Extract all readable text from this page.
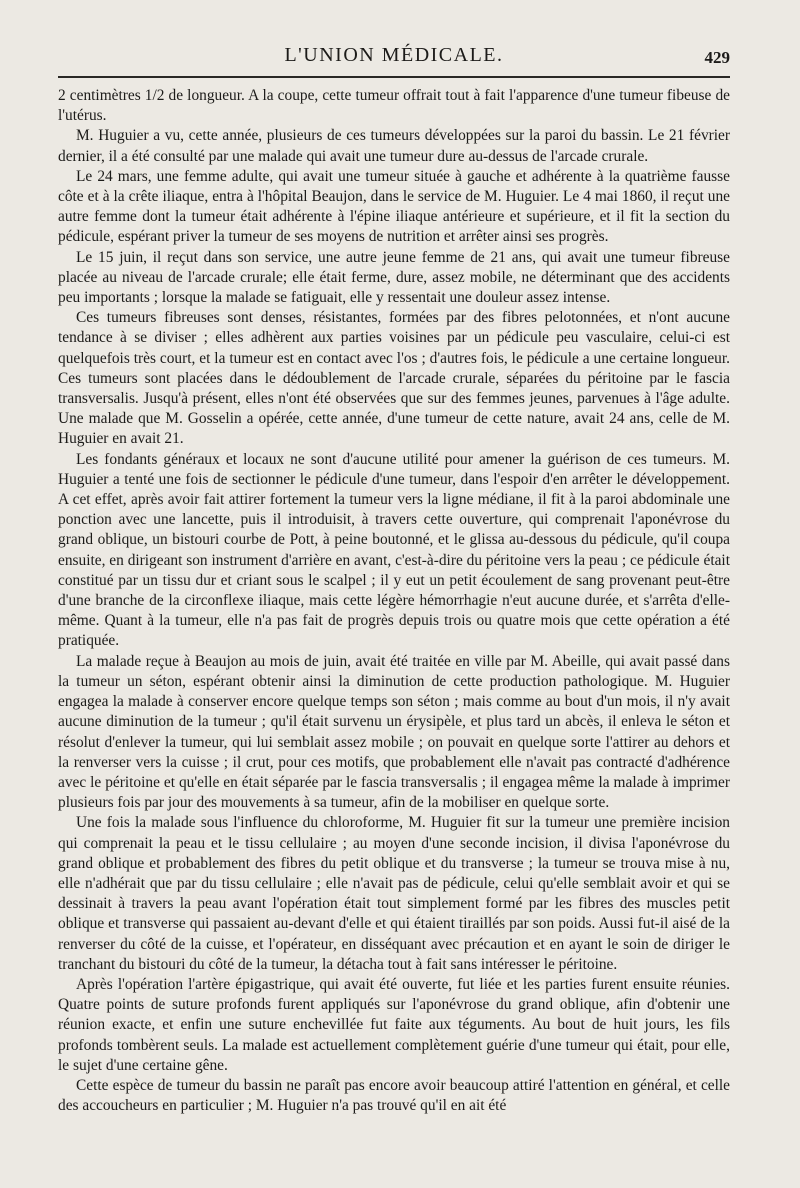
L'UNION MÉDICALE.	429

2 centimètres 1/2 de longueur. A la coupe, cette tumeur offrait tout à fait l'apparence d'une tumeur fibeuse de l'utérus.

M. Huguier a vu, cette année, plusieurs de ces tumeurs développées sur la paroi du bassin. Le 21 février dernier, il a été consulté par une malade qui avait une tumeur dure au-dessus de l'arcade crurale.

Le 24 mars, une femme adulte, qui avait une tumeur située à gauche et adhérente à la quatrième fausse côte et à la crête iliaque, entra à l'hôpital Beaujon, dans le service de M. Huguier. Le 4 mai 1860, il reçut une autre femme dont la tumeur était adhérente à l'épine iliaque antérieure et supérieure, et il fit la section du pédicule, espérant priver la tumeur de ses moyens de nutrition et arrêter ainsi ses progrès.

Le 15 juin, il reçut dans son service, une autre jeune femme de 21 ans, qui avait une tumeur fibreuse placée au niveau de l'arcade crurale; elle était ferme, dure, assez mobile, ne déterminant que des accidents peu importants ; lorsque la malade se fatiguait, elle y ressentait une douleur assez intense.

Ces tumeurs fibreuses sont denses, résistantes, formées par des fibres pelotonnées, et n'ont aucune tendance à se diviser ; elles adhèrent aux parties voisines par un pédicule peu vasculaire, celui-ci est quelquefois très court, et la tumeur est en contact avec l'os ; d'autres fois, le pédicule a une certaine longueur. Ces tumeurs sont placées dans le dédoublement de l'arcade crurale, séparées du péritoine par le fascia transversalis. Jusqu'à présent, elles n'ont été observées que sur des femmes jeunes, parvenues à l'âge adulte. Une malade que M. Gosselin a opérée, cette année, d'une tumeur de cette nature, avait 24 ans, celle de M. Huguier en avait 21.

Les fondants généraux et locaux ne sont d'aucune utilité pour amener la guérison de ces tumeurs. M. Huguier a tenté une fois de sectionner le pédicule d'une tumeur, dans l'espoir d'en arrêter le développement. A cet effet, après avoir fait attirer fortement la tumeur vers la ligne médiane, il fit à la paroi abdominale une ponction avec une lancette, puis il introduisit, à travers cette ouverture, qui comprenait l'aponévrose du grand oblique, un bistouri courbe de Pott, à peine boutonné, et le glissa au-dessous du pédicule, qu'il coupa ensuite, en dirigeant son instrument d'arrière en avant, c'est-à-dire du péritoine vers la peau ; ce pédicule était constitué par un tissu dur et criant sous le scalpel ; il y eut un petit écoulement de sang provenant peut-être d'une branche de la circonflexe iliaque, mais cette légère hémorrhagie n'eut aucune durée, et s'arrêta d'elle-même. Quant à la tumeur, elle n'a pas fait de progrès depuis trois ou quatre mois que cette opération a été pratiquée.

La malade reçue à Beaujon au mois de juin, avait été traitée en ville par M. Abeille, qui avait passé dans la tumeur un séton, espérant obtenir ainsi la diminution de cette production pathologique. M. Huguier engagea la malade à conserver encore quelque temps son séton ; mais comme au bout d'un mois, il n'y avait aucune diminution de la tumeur ; qu'il était survenu un érysipèle, et plus tard un abcès, il enleva le séton et résolut d'enlever la tumeur, qui lui semblait assez mobile ; on pouvait en quelque sorte l'attirer au dehors et la renverser vers la cuisse ; il crut, pour ces motifs, que probablement elle n'avait pas contracté d'adhérence avec le péritoine et qu'elle en était séparée par le fascia transversalis ; il engagea même la malade à imprimer plusieurs fois par jour des mouvements à sa tumeur, afin de la mobiliser en quelque sorte.

Une fois la malade sous l'influence du chloroforme, M. Huguier fit sur la tumeur une première incision qui comprenait la peau et le tissu cellulaire ; au moyen d'une seconde incision, il divisa l'aponévrose du grand oblique et probablement des fibres du petit oblique et du transverse ; la tumeur se trouva mise à nu, elle n'adhérait que par du tissu cellulaire ; elle n'avait pas de pédicule, celui qu'elle semblait avoir et qui se dessinait à travers la peau avant l'opération était tout simplement formé par les fibres des muscles petit oblique et transverse qui passaient au-devant d'elle et qui étaient tiraillés par son poids. Aussi fut-il aisé de la renverser du côté de la cuisse, et l'opérateur, en disséquant avec précaution et en ayant le soin de diriger le tranchant du bistouri du côté de la tumeur, la détacha tout à fait sans intéresser le péritoine.

Après l'opération l'artère épigastrique, qui avait été ouverte, fut liée et les parties furent ensuite réunies. Quatre points de suture profonds furent appliqués sur l'aponévrose du grand oblique, afin d'obtenir une réunion exacte, et enfin une suture enchevillée fut faite aux téguments. Au bout de huit jours, les fils profonds tombèrent seuls. La malade est actuellement complètement guérie d'une tumeur qui était, pour elle, le sujet d'une certaine gêne.

Cette espèce de tumeur du bassin ne paraît pas encore avoir beaucoup attiré l'attention en général, et celle des accoucheurs en particulier ; M. Huguier n'a pas trouvé qu'il en ait été
